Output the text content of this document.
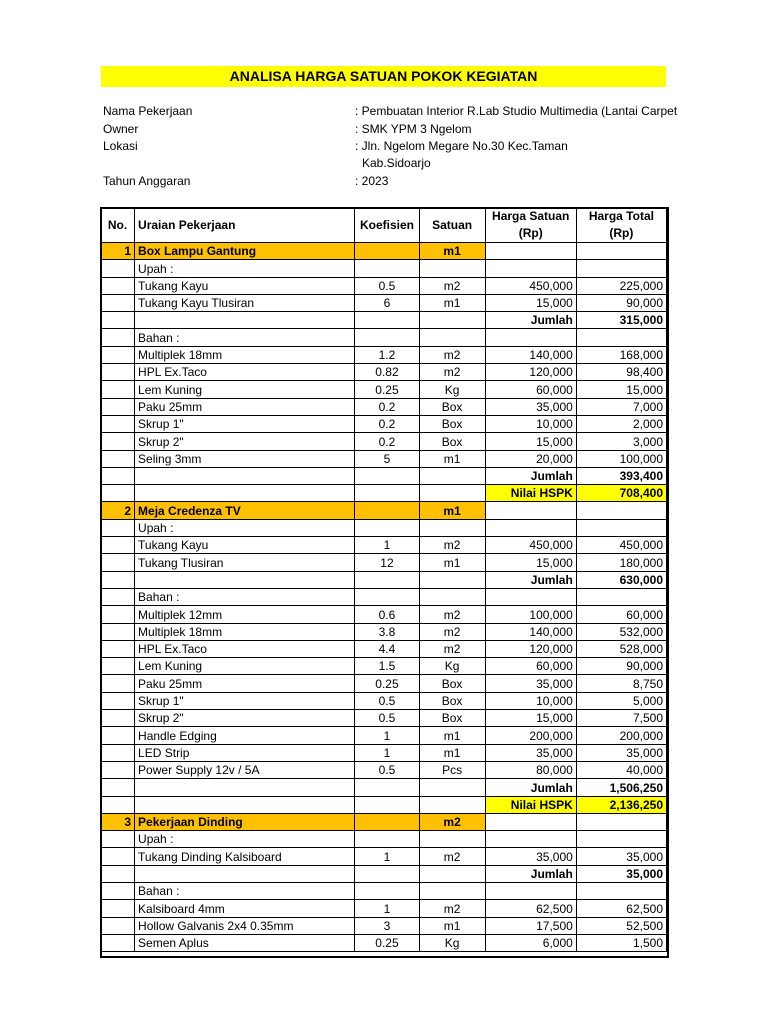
ANALISA HARGA SATUAN POKOK KEGIATAN
Nama Pekerjaan	: Pembuatan Interior R.Lab Studio Multimedia (Lantai Carpet
Owner	: SMK YPM 3 Ngelom
Lokasi	: Jln. Ngelom Megare No.30 Kec.Taman
Kab.Sidoarjo
Tahun Anggaran	: 2023
No.	Uraian Pekerjaan	Koefisien	Satuan	Harga Satuan
(Rp)	Harga Total
(Rp)
1	Box Lampu Gantung		m1		
	Upah :				
	Tukang Kayu	0.5	m2	450,000	225,000
	Tukang Kayu Tlusiran	6	m1	15,000	90,000
				Jumlah	315,000
	Bahan :				
	Multiplek 18mm	1.2	m2	140,000	168,000
	HPL Ex.Taco	0.82	m2	120,000	98,400
	Lem Kuning	0.25	Kg	60,000	15,000
	Paku 25mm	0.2	Box	35,000	7,000
	Skrup 1"	0.2	Box	10,000	2,000
	Skrup 2"	0.2	Box	15,000	3,000
	Seling 3mm	5	m1	20,000	100,000
				Jumlah	393,400
				Nilai HSPK	708,400
2	Meja Credenza TV		m1		
	Upah :				
	Tukang Kayu	1	m2	450,000	450,000
	Tukang Tlusiran	12	m1	15,000	180,000
				Jumlah	630,000
	Bahan :				
	Multiplek 12mm	0.6	m2	100,000	60,000
	Multiplek 18mm	3.8	m2	140,000	532,000
	HPL Ex.Taco	4.4	m2	120,000	528,000
	Lem Kuning	1.5	Kg	60,000	90,000
	Paku 25mm	0.25	Box	35,000	8,750
	Skrup 1"	0.5	Box	10,000	5,000
	Skrup 2"	0.5	Box	15,000	7,500
	Handle Edging	1	m1	200,000	200,000
	LED Strip	1	m1	35,000	35,000
	Power Supply 12v / 5A	0.5	Pcs	80,000	40,000
				Jumlah	1,506,250
				Nilai HSPK	2,136,250
3	Pekerjaan Dinding		m2		
	Upah :				
	Tukang Dinding Kalsiboard	1	m2	35,000	35,000
				Jumlah	35,000
	Bahan :				
	Kalsiboard 4mm	1	m2	62,500	62,500
	Hollow Galvanis 2x4 0.35mm	3	m1	17,500	52,500
	Semen Aplus	0.25	Kg	6,000	1,500
